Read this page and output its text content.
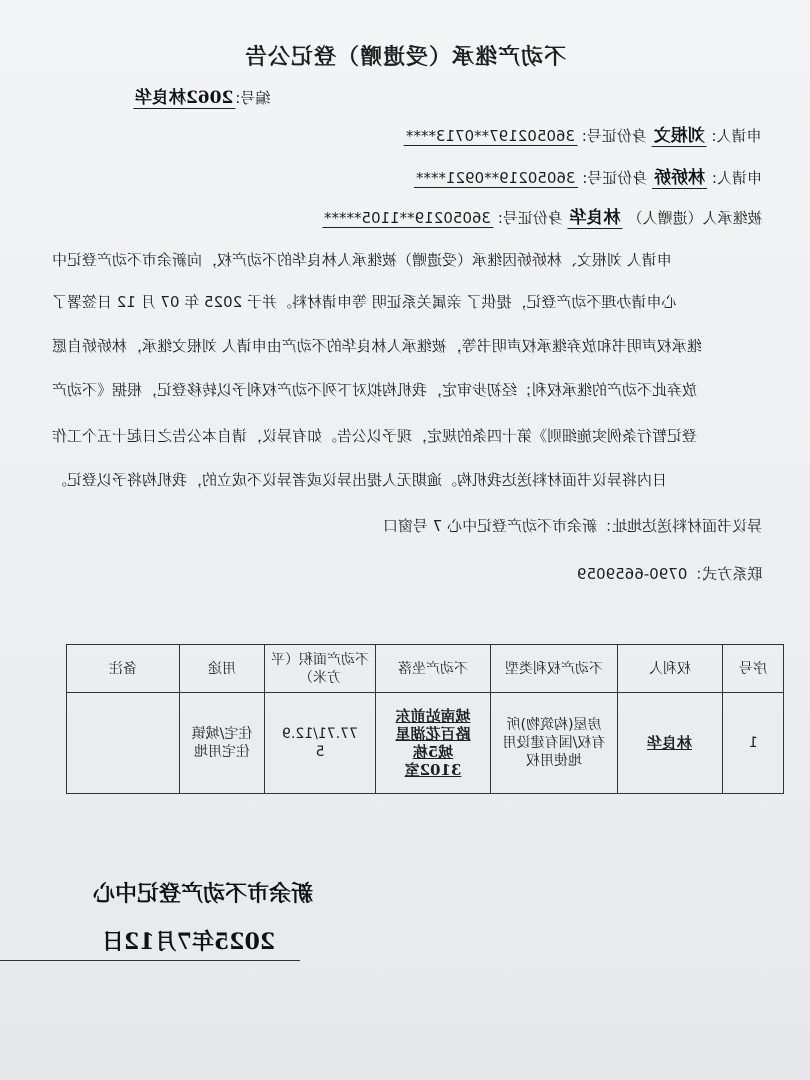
不动产继承（受遗赠）登记公告
编号:2062林良华
申请人: 刘根文 身份证号: 360502197**0713****
申请人: 林娇娇 身份证号: 36050219**0921****
被继承人（遗赠人） 林良华 身份证号: 36050219**1105*****
申请人 刘根文、林娇娇因继承（受遗赠）被继承人林良华的不动产权，向新余市不动产登记中
心申请办理不动产登记，提供了 亲属关系证明 等申请材料。并于 2025 年 07 月 12 日签署了
继承权声明书和放弃继承权声明书等，被继承人林良华的不动产由申请人 刘根文继承，林娇娇自愿
放弃此不动产的继承权利；经初步审定，我机构拟对下列不动产权利予以转移登记，根据《不动产
登记暂行条例实施细则》第十四条的规定，现予以公告。如有异议，请自本公告之日起十五个工作
日内将异议书面材料送达我机构。逾期无人提出异议或者异议不成立的，我机构将予以登记。
异议书面材料送达地址：新余市不动产登记中心 7 号窗口
联系方式：0790-6659059
备注	用途	不动产面积（平方米）	不动产坐落	不动产权利类型	权利人	序号
	住宅/城镇住宅用地	77.71/12.95	城南站前东路百花湖星城5栋3102室	房屋(构筑物)所有权/国有建设用地使用权	林良华	1
新余市不动产登记中心
2025年7月12日
